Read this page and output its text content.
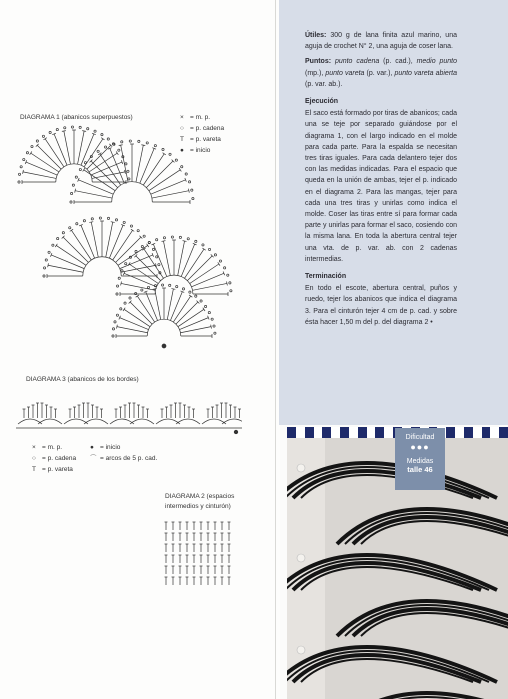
DIAGRAMA 1 (abanicos superpuestos)	× = m. p.
○ = p. cadena
T = p. vareta
● = inicio
DIAGRAMA 3 (abanicos de los bordes)
× = m. p.
○ = p. cadena
T = p. vareta
● = inicio
⌒ = arcos de 5 p. cad.
DIAGRAMA 2 (espacios
intermedios y cinturón)

Útiles: 300 g de lana finita azul marino, una aguja de crochet N° 2, una aguja de coser lana.

Puntos: punto cadena (p. cad.), medio punto (mp.), punto vareta (p. var.), punto vareta abierta (p. var. ab.).

Ejecución

El saco está formado por tiras de abanicos; cada una se teje por separado guiándose por el diagrama 1, con el largo indicado en el molde para cada parte. Para la espalda se necesitan tres tiras iguales. Para cada delantero tejer dos con las medidas indicadas. Para el espacio que queda en la unión de ambas, tejer el p. indicado en el diagrama 2. Para las mangas, tejer para cada una tres tiras y unirlas como indica el molde. Coser las tiras entre sí para formar cada parte y unirlas para formar el saco, cosiendo con la misma lana. En toda la abertura central tejer una vta. de p. var. ab. con 2 cadenas intermedias.

Terminación

En todo el escote, abertura central, puños y ruedo, tejer los abanicos que indica el diagrama 3. Para el cinturón tejer 4 cm de p. cad. y sobre ésta hacer 1,50 m del p. del diagrama 2 •

Dificultad
●●●
Medidas
talle 46
